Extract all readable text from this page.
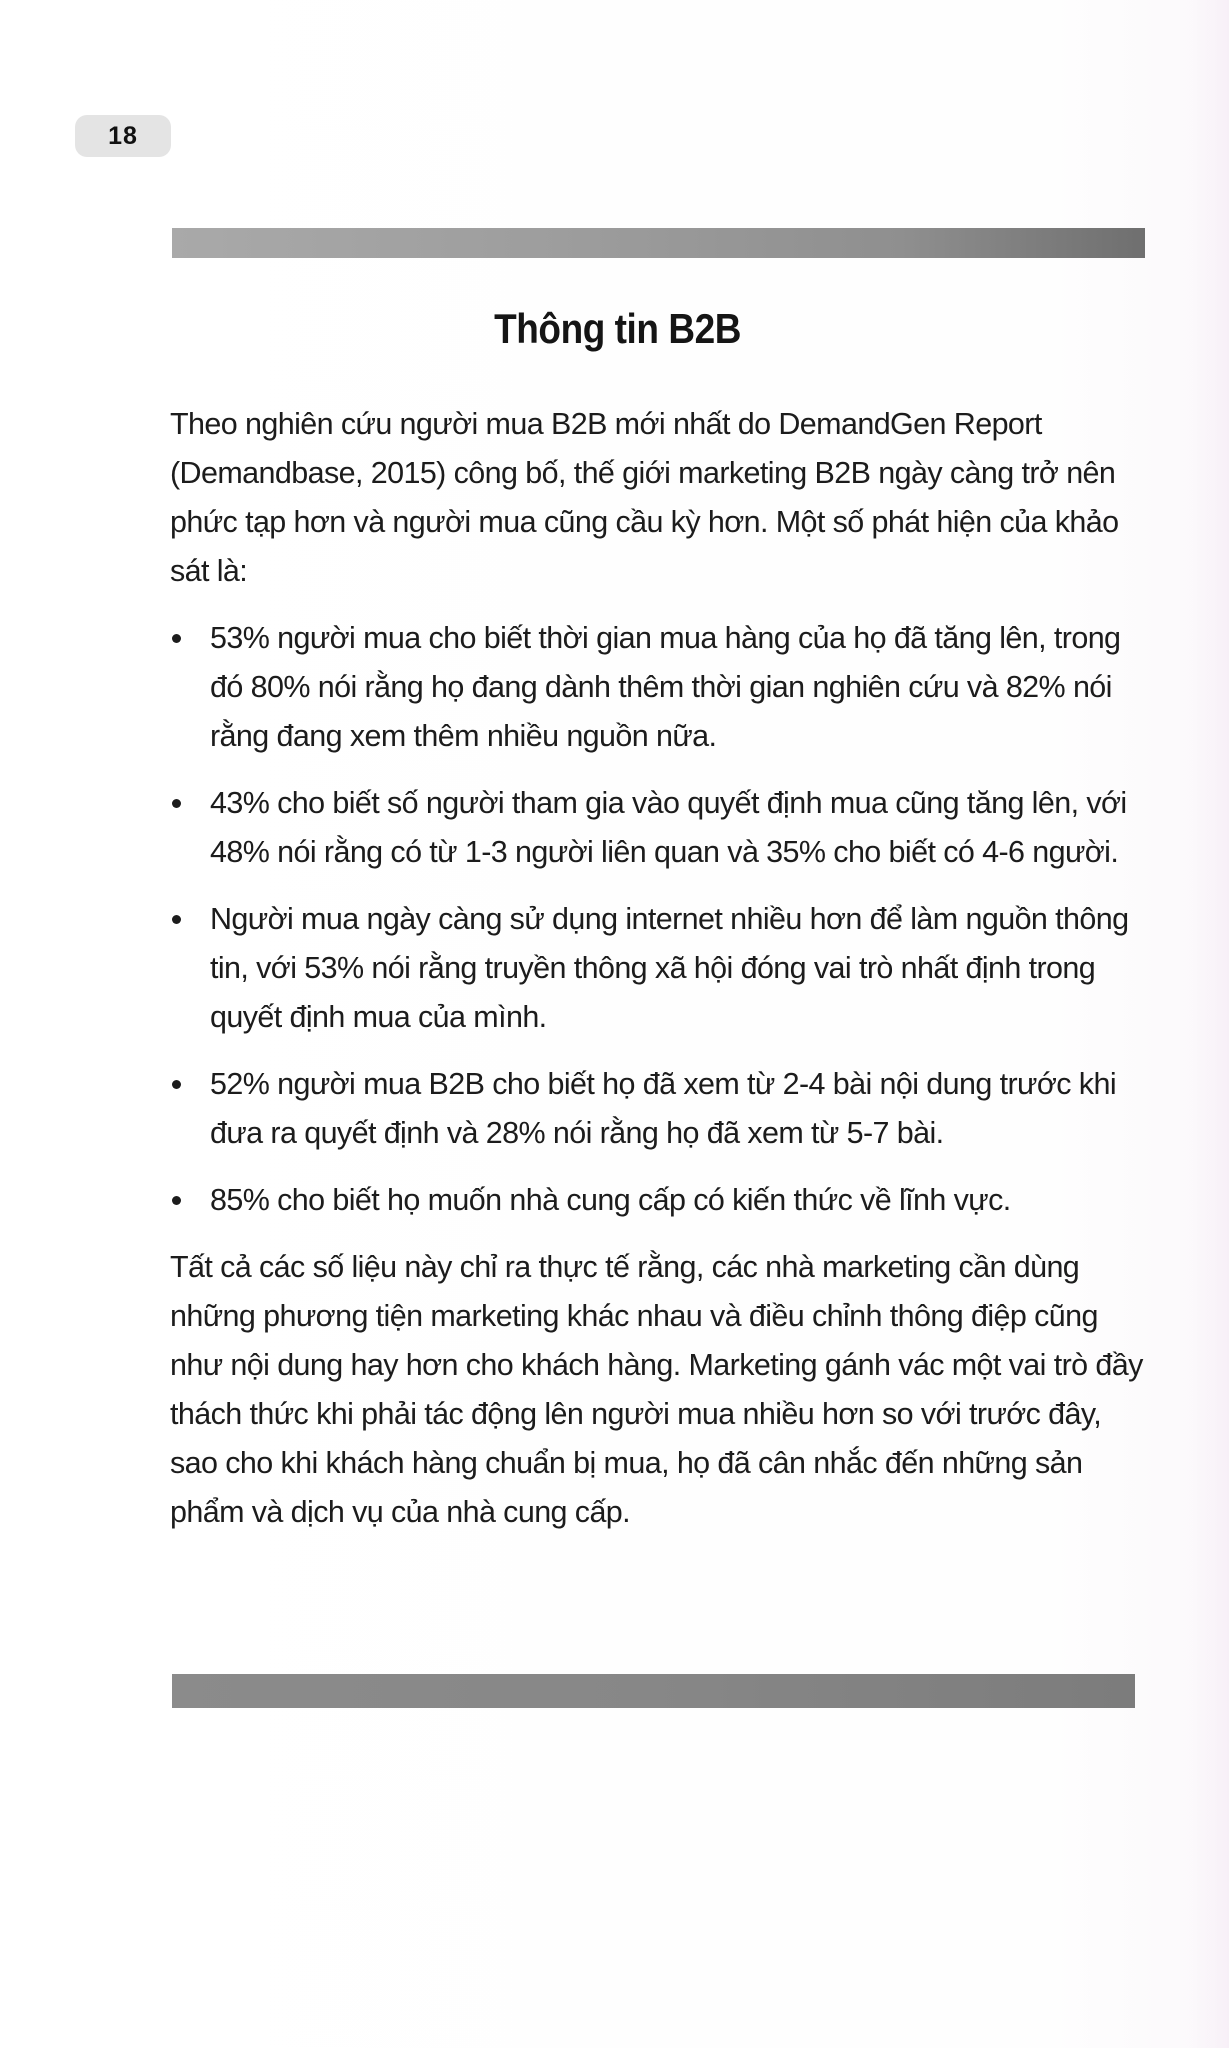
18
Thông tin B2B

Theo nghiên cứu người mua B2B mới nhất do DemandGen Report (Demandbase, 2015) công bố, thế giới marketing B2B ngày càng trở nên phức tạp hơn và người mua cũng cầu kỳ hơn. Một số phát hiện của khảo sát là:

53% người mua cho biết thời gian mua hàng của họ đã tăng lên, trong đó 80% nói rằng họ đang dành thêm thời gian nghiên cứu và 82% nói rằng đang xem thêm nhiều nguồn nữa.
43% cho biết số người tham gia vào quyết định mua cũng tăng lên, với 48% nói rằng có từ 1-3 người liên quan và 35% cho biết có 4-6 người.
Người mua ngày càng sử dụng internet nhiều hơn để làm nguồn thông tin, với 53% nói rằng truyền thông xã hội đóng vai trò nhất định trong quyết định mua của mình.
52% người mua B2B cho biết họ đã xem từ 2-4 bài nội dung trước khi đưa ra quyết định và 28% nói rằng họ đã xem từ 5-7 bài.
85% cho biết họ muốn nhà cung cấp có kiến thức về lĩnh vực.

Tất cả các số liệu này chỉ ra thực tế rằng, các nhà marketing cần dùng những phương tiện marketing khác nhau và điều chỉnh thông điệp cũng như nội dung hay hơn cho khách hàng. Marketing gánh vác một vai trò đầy thách thức khi phải tác động lên người mua nhiều hơn so với trước đây, sao cho khi khách hàng chuẩn bị mua, họ đã cân nhắc đến những sản phẩm và dịch vụ của nhà cung cấp.
